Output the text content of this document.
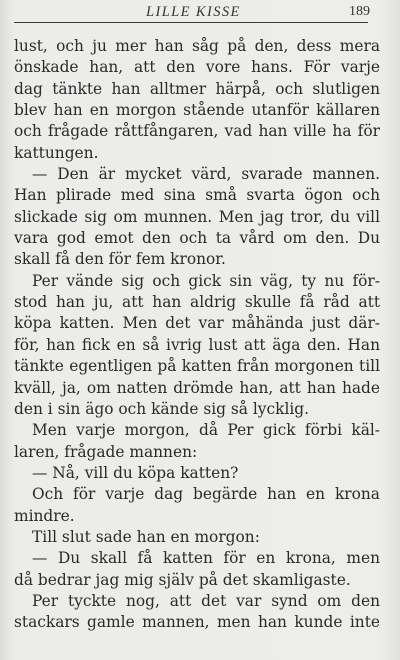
LILLE KISSE	189
lust, och ju mer han såg på den, dess mera
önskade han, att den vore hans. För varje
dag tänkte han alltmer härpå, och slutligen
blev han en morgon stående utanför källaren
och frågade råttfångaren, vad han ville ha för
kattungen.
— Den är mycket värd, svarade mannen.
Han plirade med sina små svarta ögon och
slickade sig om munnen. Men jag tror, du vill
vara god emot den och ta vård om den. Du
skall få den för fem kronor.
Per vände sig och gick sin väg, ty nu för-
stod han ju, att han aldrig skulle få råd att
köpa katten. Men det var måhända just där-
för, han fick en så ivrig lust att äga den. Han
tänkte egentligen på katten från morgonen till
kväll, ja, om natten drömde han, att han hade
den i sin ägo och kände sig så lycklig.
Men varje morgon, då Per gick förbi käl-
laren, frågade mannen:
— Nå, vill du köpa katten?
Och för varje dag begärde han en krona
mindre.
Till slut sade han en morgon:
— Du skall få katten för en krona, men
då bedrar jag mig själv på det skamligaste.
Per tyckte nog, att det var synd om den
stackars gamle mannen, men han kunde inte
